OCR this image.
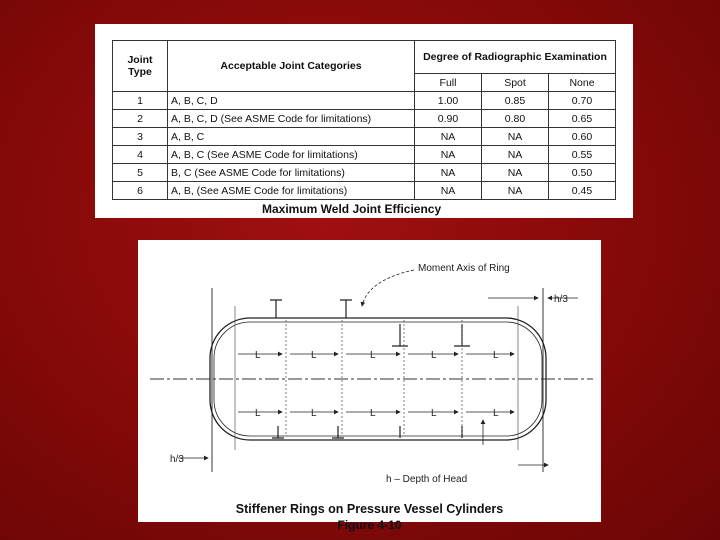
Joint Type	Acceptable Joint Categories	Degree of Radiographic Examination		
		Full	Spot	None
1	A, B, C, D	1.00	0.85	0.70
2	A, B, C, D (See ASME Code for limitations)	0.90	0.80	0.65
3	A, B, C	NA	NA	0.60
4	A, B, C (See ASME Code for limitations)	NA	NA	0.55
5	B, C (See ASME Code for limitations)	NA	NA	0.50
6	A, B, (See ASME Code for limitations)	NA	NA	0.45
Maximum Weld Joint Efficiency
L	L	L	L	L
L	L	L	L	L
Moment Axis of Ring
h/3
h/3
h – Depth of Head
Stiffener Rings on Pressure Vessel Cylinders
Figure 4-10
